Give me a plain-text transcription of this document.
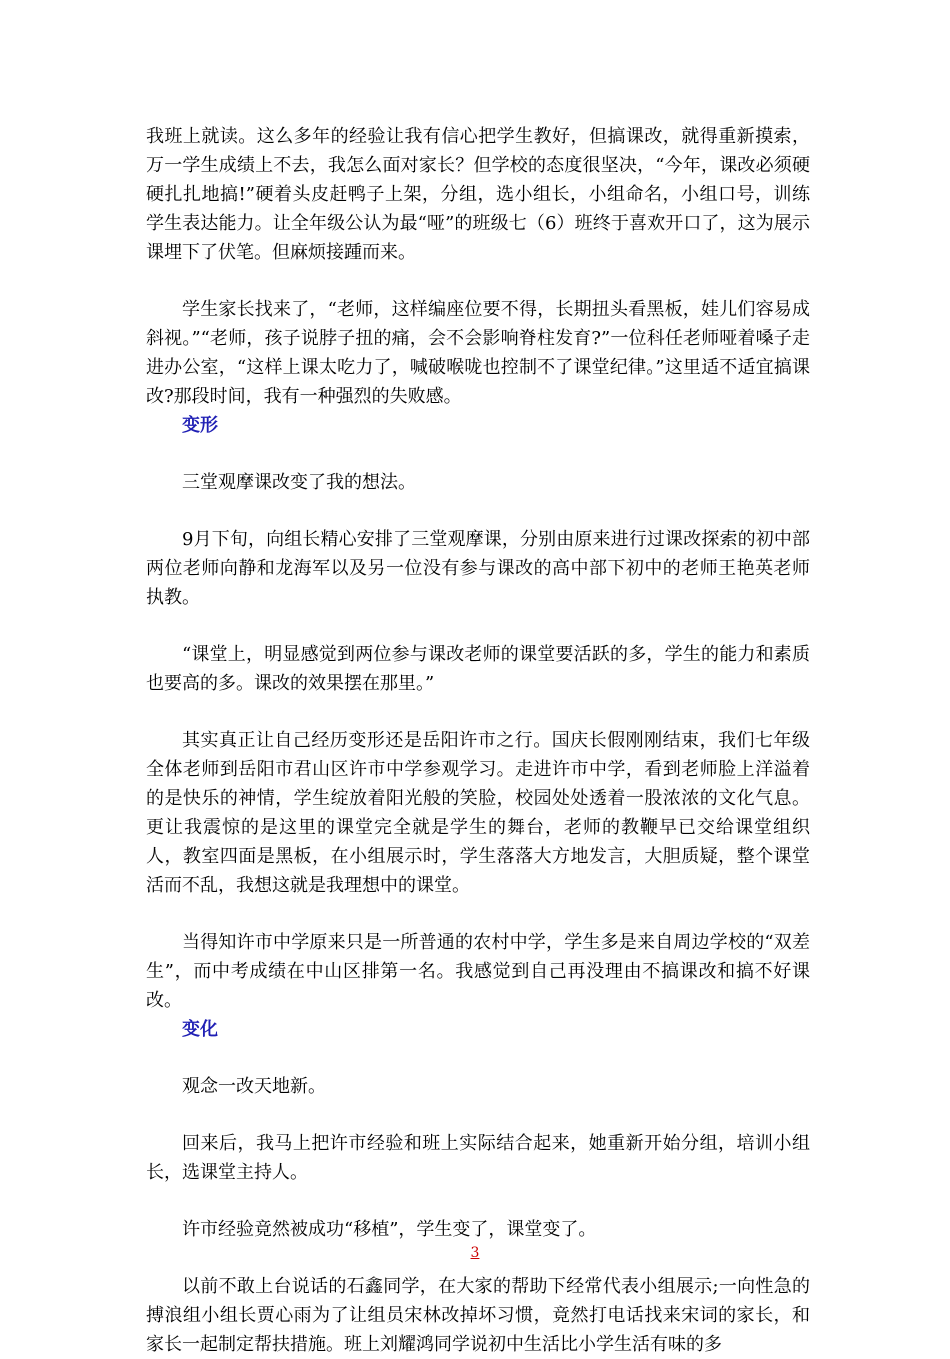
我班上就读。这么多年的经验让我有信心把学生教好，但搞课改，就得重新摸索，万一学生成绩上不去，我怎么面对家长？但学校的态度很坚决，“今年，课改必须硬硬扎扎地搞!”硬着头皮赶鸭子上架，分组，选小组长，小组命名，小组口号，训练学生表达能力。让全年级公认为最“哑”的班级七（6）班终于喜欢开口了，这为展示课埋下了伏笔。但麻烦接踵而来。

学生家长找来了，“老师，这样编座位要不得，长期扭头看黑板，娃儿们容易成斜视。”“老师，孩子说脖子扭的痛，会不会影响脊柱发育?”一位科任老师哑着嗓子走进办公室，“这样上课太吃力了，喊破喉咙也控制不了课堂纪律。”这里适不适宜搞课改?那段时间，我有一种强烈的失败感。

变形

三堂观摩课改变了我的想法。

9月下旬，向组长精心安排了三堂观摩课，分别由原来进行过课改探索的初中部两位老师向静和龙海军以及另一位没有参与课改的高中部下初中的老师王艳英老师执教。

“课堂上，明显感觉到两位参与课改老师的课堂要活跃的多，学生的能力和素质也要高的多。课改的效果摆在那里。”

其实真正让自己经历变形还是岳阳许市之行。国庆长假刚刚结束，我们七年级全体老师到岳阳市君山区许市中学参观学习。走进许市中学，看到老师脸上洋溢着的是快乐的神情，学生绽放着阳光般的笑脸，校园处处透着一股浓浓的文化气息。更让我震惊的是这里的课堂完全就是学生的舞台，老师的教鞭早已交给课堂组织人，教室四面是黑板，在小组展示时，学生落落大方地发言，大胆质疑，整个课堂活而不乱，我想这就是我理想中的课堂。

当得知许市中学原来只是一所普通的农村中学，学生多是来自周边学校的“双差生”，而中考成绩在中山区排第一名。我感觉到自己再没理由不搞课改和搞不好课改。

变化

观念一改天地新。

回来后，我马上把许市经验和班上实际结合起来，她重新开始分组，培训小组长，选课堂主持人。

许市经验竟然被成功“移植”，学生变了，课堂变了。

以前不敢上台说话的石鑫同学，在大家的帮助下经常代表小组展示;一向性急的搏浪组小组长贾心雨为了让组员宋林改掉坏习惯，竟然打电话找来宋词的家长，和家长一起制定帮扶措施。班上刘耀鸿同学说初中生活比小学生活有味的多

3
